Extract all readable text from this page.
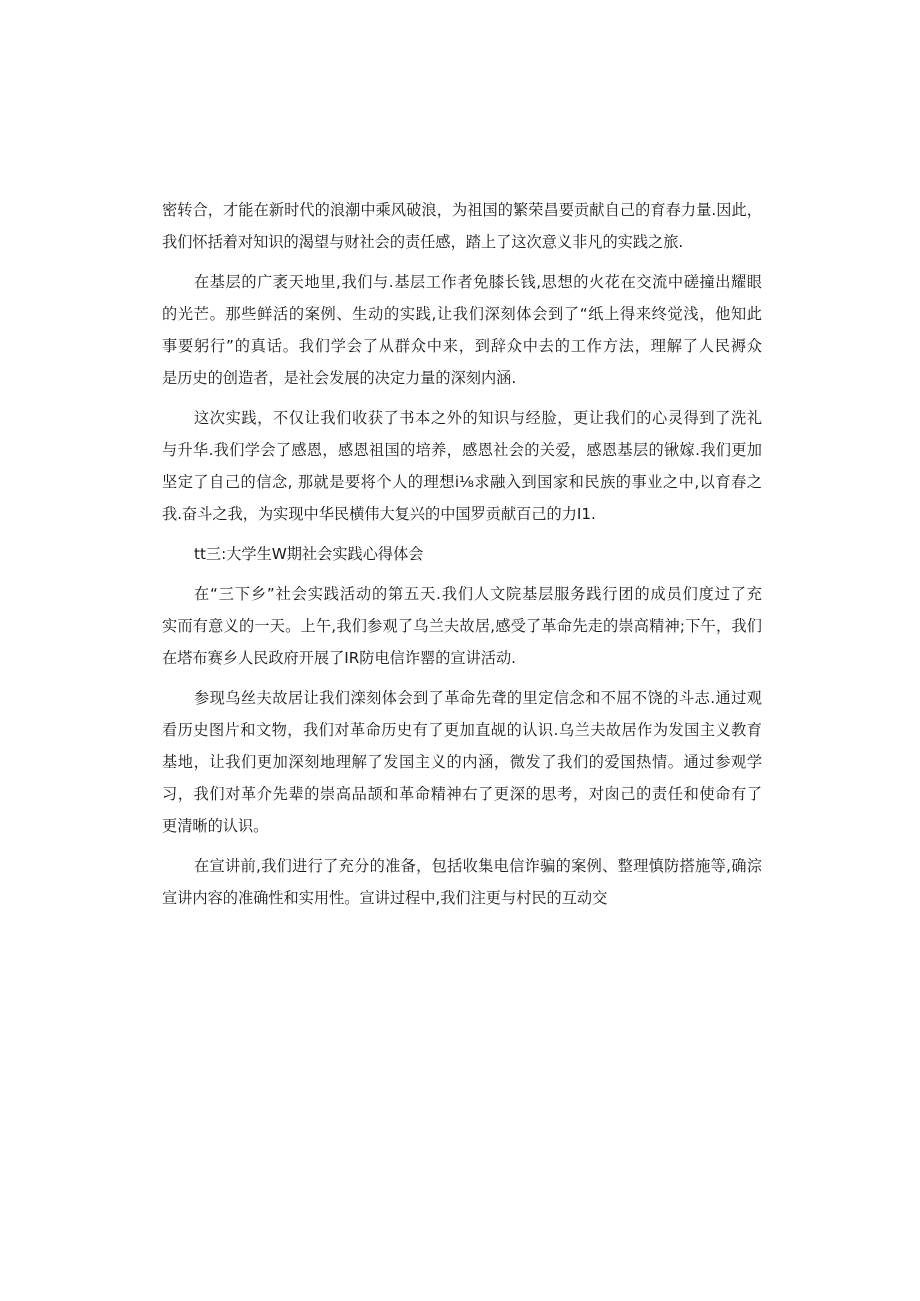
密转合，才能在新时代的浪潮中乘风破浪，为祖国的繁荣昌要贡献自己的育春力量.因此，
我们怀括着对知识的渴望与财社会的责任感，踏上了这次意义非凡的实践之旅.
在基层的广袤天地里,我们与.基层工作者免膝长钱,思想的火花在交流中磋撞出耀眼
的光芒。那些鲜活的案例、生动的实践,让我们深刻体会到了“纸上得来终觉浅，他知此
事要躬行”的真话。我们学会了从群众中来，到辞众中去的工作方法，理解了人民褥众
是历史的创造者，是社会发展的决定力量的深刻内涵.
这次实践，不仅让我们收获了书本之外的知识与经脸，更让我们的心灵得到了洗礼
与升华.我们学会了感恩，感恩祖国的培养，感恩社会的关爱，感恩基层的锹嫁.我们更加
坚定了自己的信念, 那就是要将个人的理想i⅛求融入到国家和民族的事业之中,以育春之
我.奋斗之我，为实现中华民横伟大复兴的中国罗贡献百己的力I1.
tt三:大学生W期社会实践心得体会
在“三下乡”社会实践活动的第五天.我们人文院基层服务践行团的成员们度过了充
实而有意义的一天。上午,我们参观了乌兰夫故居,感受了革命先走的崇高精神;下午，我们
在塔布赛乡人民政府开展了IR防电信诈罂的宣讲活动.
参现乌丝夫故居让我们滦刻体会到了革命先聋的里定信念和不屈不饶的斗志.通过观
看历史图片和文物，我们对革命历史有了更加直觇的认识.乌兰夫故居作为发国主义教育
基地，让我们更加深刻地理解了发国主义的内涵，微发了我们的爱国热情。通过参观学
习，我们对革介先辈的崇高品颉和革命精神右了更深的思考，对囱己的责任和使命有了
更清晰的认识。
在宣讲前,我们进行了充分的准备，包括收集电信诈骗的案例、整理慎防搭施等,确淙
宣讲内容的准确性和实用性。宣讲过程中,我们注更与村民的互动交
